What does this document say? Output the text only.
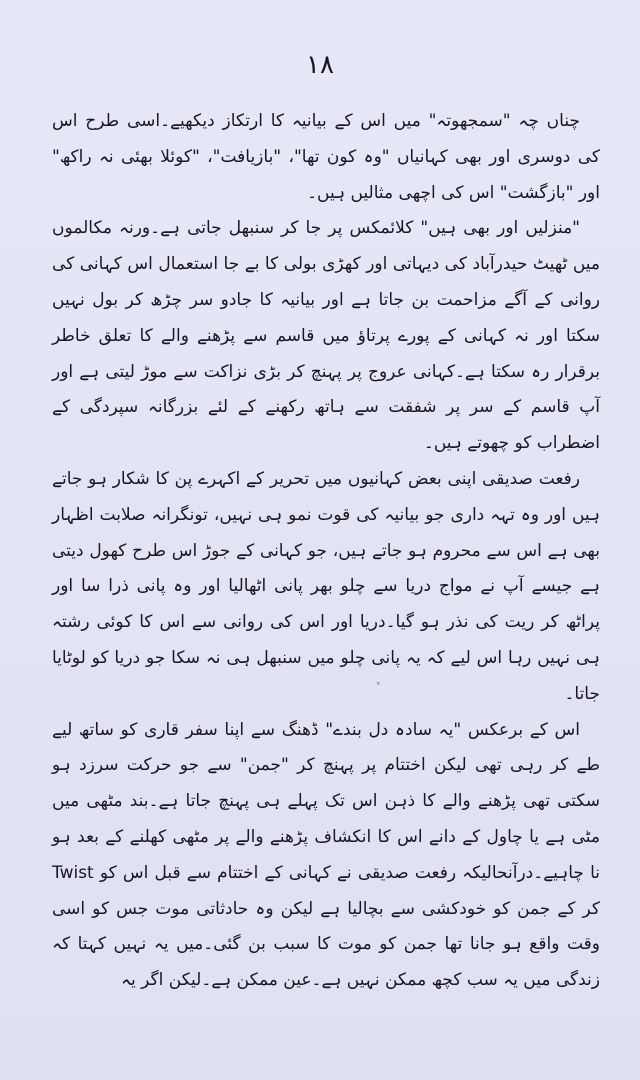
١٨

چناں چہ "سمجھوتہ" میں اس کے بیانیہ کا ارتکاز دیکھیے۔اسی طرح اس کی دوسری اور بھی کہانیاں "وہ کون تھا"، "بازیافت"، "کوئلا بھئی نہ راکھ" اور "بازگشت" اس کی اچھی مثالیں ہیں۔

"منزلیں اور بھی ہیں" کلائمکس پر جا کر سنبھل جاتی ہے۔ورنہ مکالموں میں ٹھیٹ حیدرآباد کی دیہاتی اور کھڑی بولی کا بے جا استعمال اس کہانی کی روانی کے آگے مزاحمت بن جاتا ہے اور بیانیہ کا جادو سر چڑھ کر بول نہیں سکتا اور نہ کہانی کے پورے پرتاؤ میں قاسم سے پڑھنے والے کا تعلق خاطر برقرار رہ سکتا ہے۔کہانی عروج پر پہنچ کر بڑی نزاکت سے موڑ لیتی ہے اور آپ قاسم کے سر پر شفقت سے ہاتھ رکھنے کے لئے بزرگانہ سپردگی کے اضطراب کو چھوتے ہیں۔

رفعت صدیقی اپنی بعض کہانیوں میں تحریر کے اکہرے پن کا شکار ہو جاتے ہیں اور وہ تہہ داری جو بیانیہ کی قوت نمو ہی نہیں، تونگرانہ صلابت اظہار بھی ہے اس سے محروم ہو جاتے ہیں، جو کہانی کے جوڑ اس طرح کھول دیتی ہے جیسے آپ نے مواج دریا سے چلو بھر پانی اٹھالیا اور وہ پانی ذرا سا اور پراٹھ کر ریت کی نذر ہو گیا۔دریا اور اس کی روانی سے اس کا کوئی رشتہ ہی نہیں رہا اس لیے کہ یہ پانی چلو میں سنبھل ہی نہ سکا جو دریا کو لوٹایا جاتا۔

اس کے برعکس "یہ سادہ دل بندے" ڈھنگ سے اپنا سفر قاری کو ساتھ لیے طے کر رہی تھی لیکن اختتام پر پہنچ کر "جمن" سے جو حرکت سرزد ہو سکتی تھی پڑھنے والے کا ذہن اس تک پہلے ہی پہنچ جاتا ہے۔بند مٹھی میں مٹی ہے یا چاول کے دانے اس کا انکشاف پڑھنے والے پر مٹھی کھلنے کے بعد ہو نا چاہیے۔درآنحالیکہ رفعت صدیقی نے کہانی کے اختتام سے قبل اس کو Twist کر کے جمن کو خودکشی سے بچالیا ہے لیکن وہ حادثاتی موت جس کو اسی وقت واقع ہو جانا تھا جمن کو موت کا سبب بن گئی۔میں یہ نہیں کہتا کہ زندگی میں یہ سب کچھ ممکن نہیں ہے۔عین ممکن ہے۔لیکن اگر یہ

˚
